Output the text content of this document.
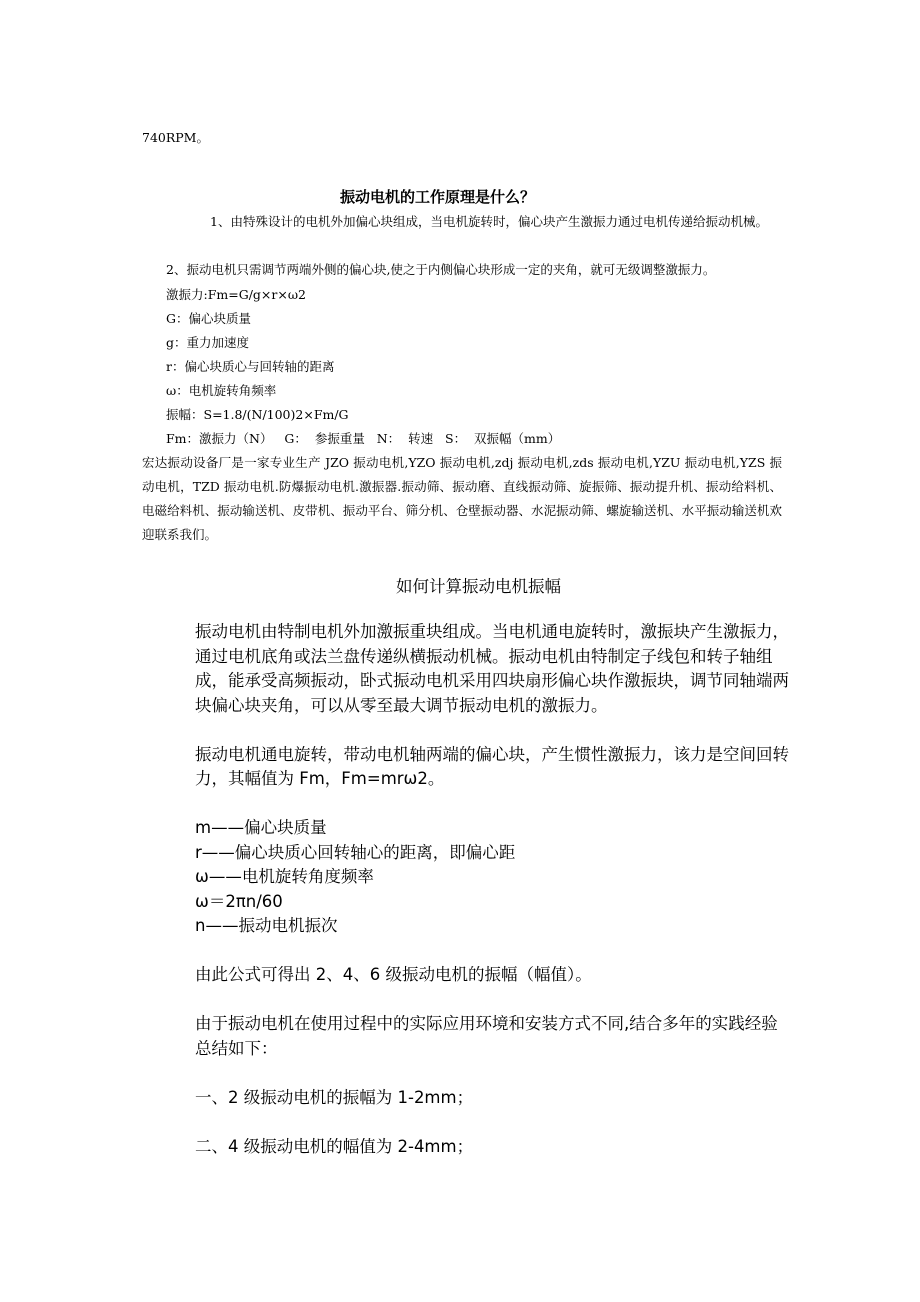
740RPM。
振动电机的工作原理是什么？
1、由特殊设计的电机外加偏心块组成，当电机旋转时，偏心块产生激振力通过电机传递给振动机械。
2、振动电机只需调节两端外侧的偏心块,使之于内侧偏心块形成一定的夹角，就可无级调整激振力。
激振力:Fm=G/g×r×ω2
G：偏心块质量
g：重力加速度
r：偏心块质心与回转轴的距离
ω：电机旋转角频率
振幅：S=1.8/(N/100)2×Fm/G
Fm：激振力（N）   G：  参振重量   N：  转速   S：  双振幅（mm）
宏达振动设备厂是一家专业生产 JZO 振动电机,YZO 振动电机,zdj 振动电机,zds 振动电机,YZU 振动电机,YZS 振动电机，TZD 振动电机.防爆振动电机.激振器.振动筛、振动磨、直线振动筛、旋振筛、振动提升机、振动给料机、电磁给料机、振动输送机、皮带机、振动平台、筛分机、仓壁振动器、水泥振动筛、螺旋输送机、水平振动输送机欢迎联系我们。
如何计算振动电机振幅

振动电机由特制电机外加激振重块组成。当电机通电旋转时，激振块产生激振力，通过电机底角或法兰盘传递纵横振动机械。振动电机由特制定子线包和转子轴组成，能承受高频振动，卧式振动电机采用四块扇形偏心块作激振块，调节同轴端两块偏心块夹角，可以从零至最大调节振动电机的激振力。

振动电机通电旋转，带动电机轴两端的偏心块，产生惯性激振力，该力是空间回转力，其幅值为 Fm，Fm=mrω2。

m——偏心块质量

r——偏心块质心回转轴心的距离，即偏心距

ω——电机旋转角度频率

ω＝2πn/60

n——振动电机振次

由此公式可得出 2、4、6 级振动电机的振幅（幅值）。

由于振动电机在使用过程中的实际应用环境和安装方式不同,结合多年的实践经验总结如下：

一、2 级振动电机的振幅为 1-2mm；

二、4 级振动电机的幅值为 2-4mm；
